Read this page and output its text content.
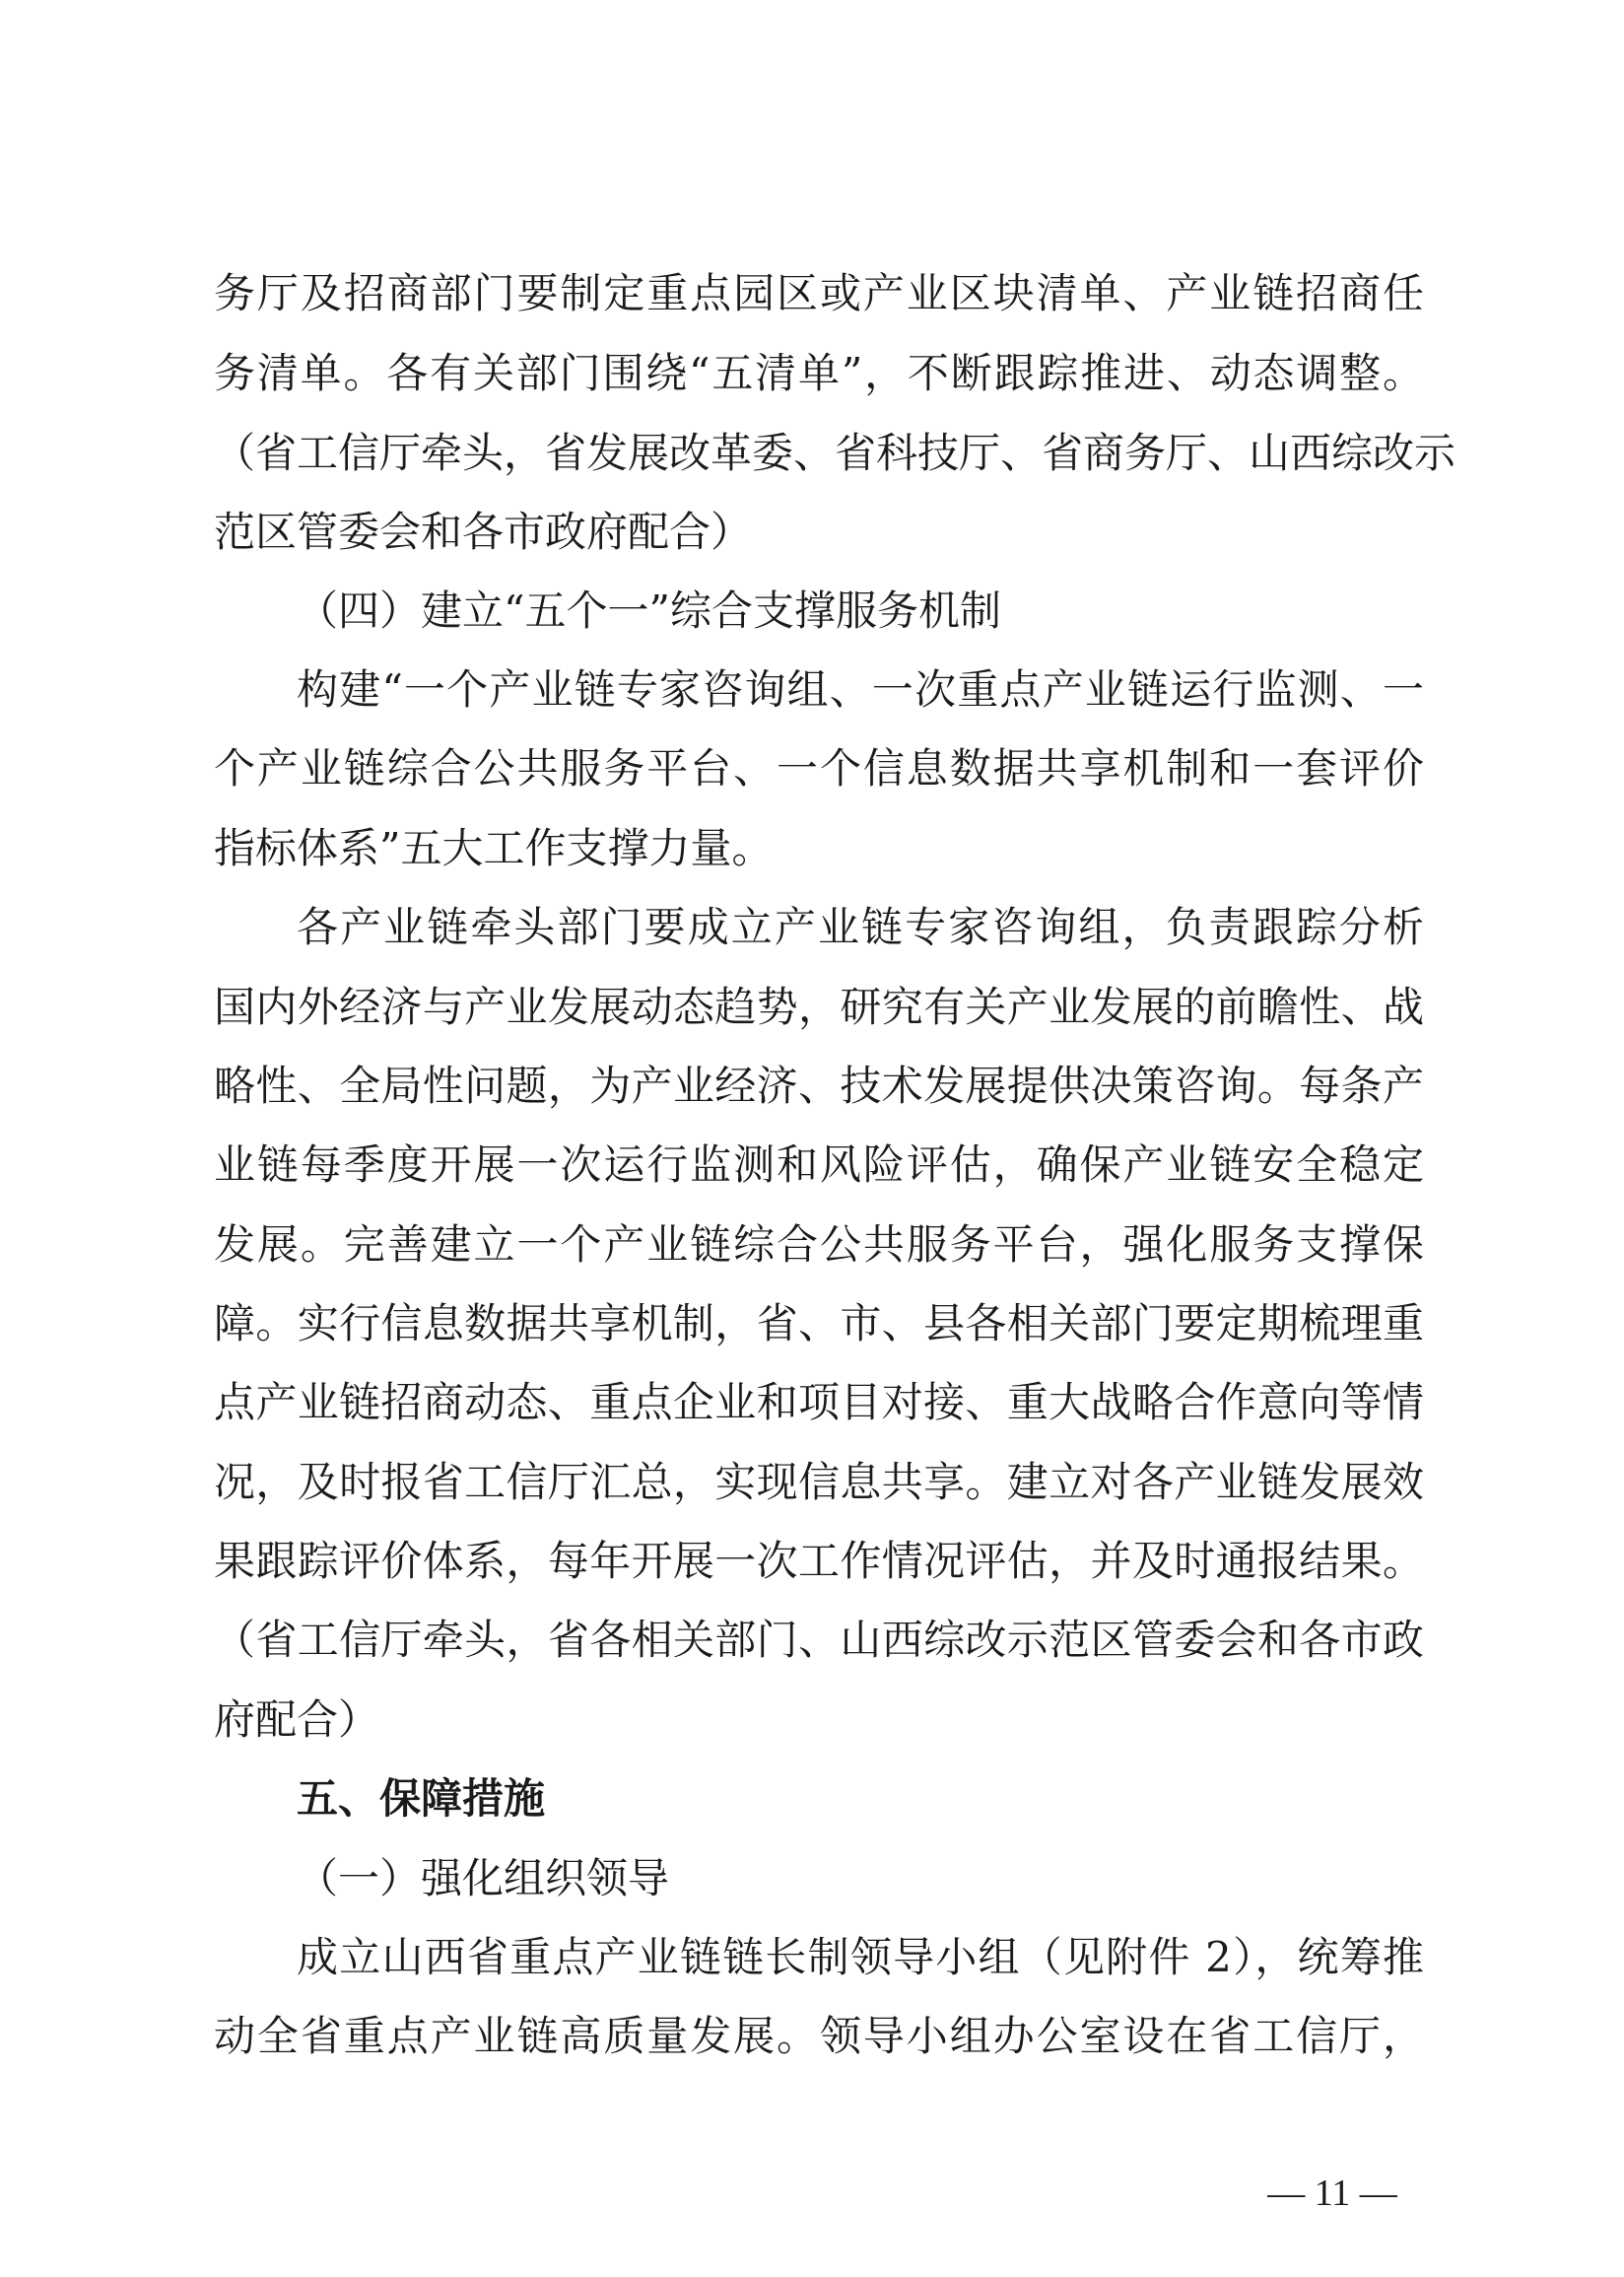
务厅及招商部门要制定重点园区或产业区块清单、产业链招商任
务清单。各有关部门围绕“五清单”，不断跟踪推进、动态调整。
（省工信厅牵头，省发展改革委、省科技厅、省商务厅、山西综改示
范区管委会和各市政府配合）
（四）建立“五个一”综合支撑服务机制
构建“一个产业链专家咨询组、一次重点产业链运行监测、一
个产业链综合公共服务平台、一个信息数据共享机制和一套评价
指标体系”五大工作支撑力量。
各产业链牵头部门要成立产业链专家咨询组，负责跟踪分析
国内外经济与产业发展动态趋势，研究有关产业发展的前瞻性、战
略性、全局性问题，为产业经济、技术发展提供决策咨询。每条产
业链每季度开展一次运行监测和风险评估，确保产业链安全稳定
发展。完善建立一个产业链综合公共服务平台，强化服务支撑保
障。实行信息数据共享机制，省、市、县各相关部门要定期梳理重
点产业链招商动态、重点企业和项目对接、重大战略合作意向等情
况，及时报省工信厅汇总，实现信息共享。建立对各产业链发展效
果跟踪评价体系，每年开展一次工作情况评估，并及时通报结果。
（省工信厅牵头，省各相关部门、山西综改示范区管委会和各市政
府配合）
五、保障措施
（一）强化组织领导
成立山西省重点产业链链长制领导小组（见附件 2），统筹推
动全省重点产业链高质量发展。领导小组办公室设在省工信厅，
— 11 —
